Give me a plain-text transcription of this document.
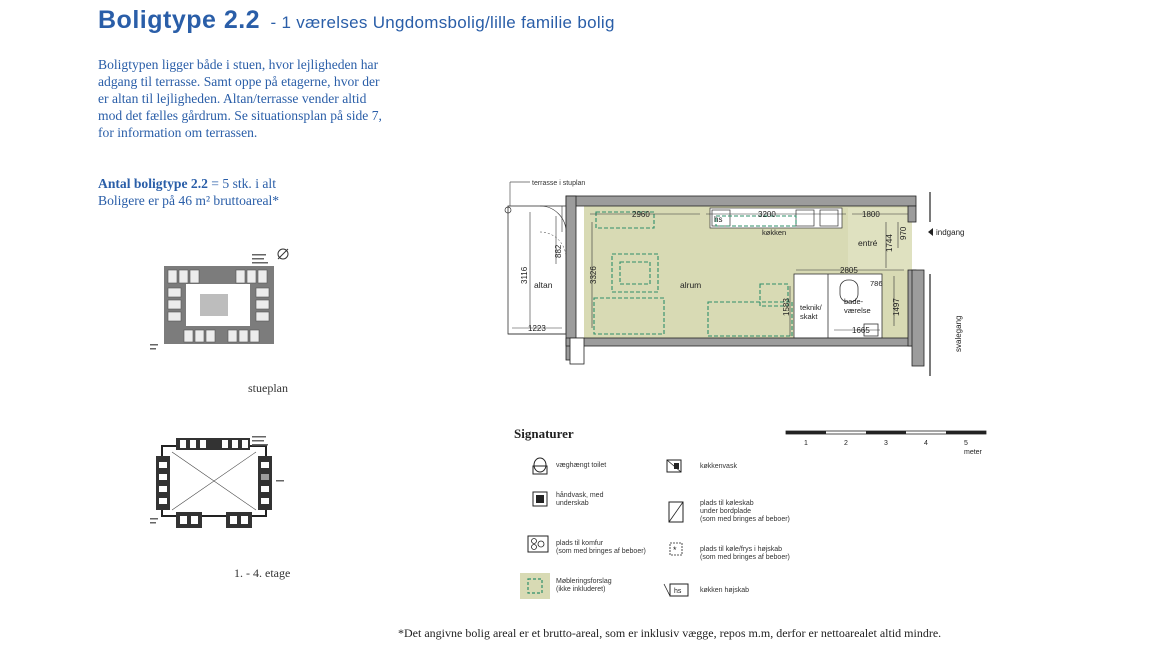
Boligtype 2.2 - 1 værelses Ungdomsbolig/lille familie bolig
Boligtypen ligger både i stuen, hvor lejligheden har
adgang til terrasse. Samt oppe på etagerne, hvor der
er altan til lejligheden. Altan/terrasse vender altid
mod det fælles gårdrum. Se situationsplan på side 7,
for information om terrassen.
Antal boligtype 2.2 = 5 stk. i alt
Boligere er på 46 m² bruttoareal*
stueplan
1. - 4. etage
terrasse i stuplan
hs
køkken
2960	3200	1800
2805
786
1665
1223
882
3116	3326
1744
970
1583	1497
altan	alrum
entré
teknik/ skakt
bade-værelse
indgang
svalegang
1	2	3	4	5
meter
Signaturer
væghængt toilet
håndvask, med
underskab
plads til komfur
(som med bringes af beboer)
Møbleringsforslag
(ikke inkluderet)
køkkenvask
plads til køleskab
under bordplade
(som med bringes af beboer)
*	plads til køle/frys i højskab
(som med bringes af beboer)
hs	køkken højskab
*Det angivne bolig areal er et brutto-areal, som er inklusiv vægge, repos m.m, derfor er nettoarealet altid mindre.
